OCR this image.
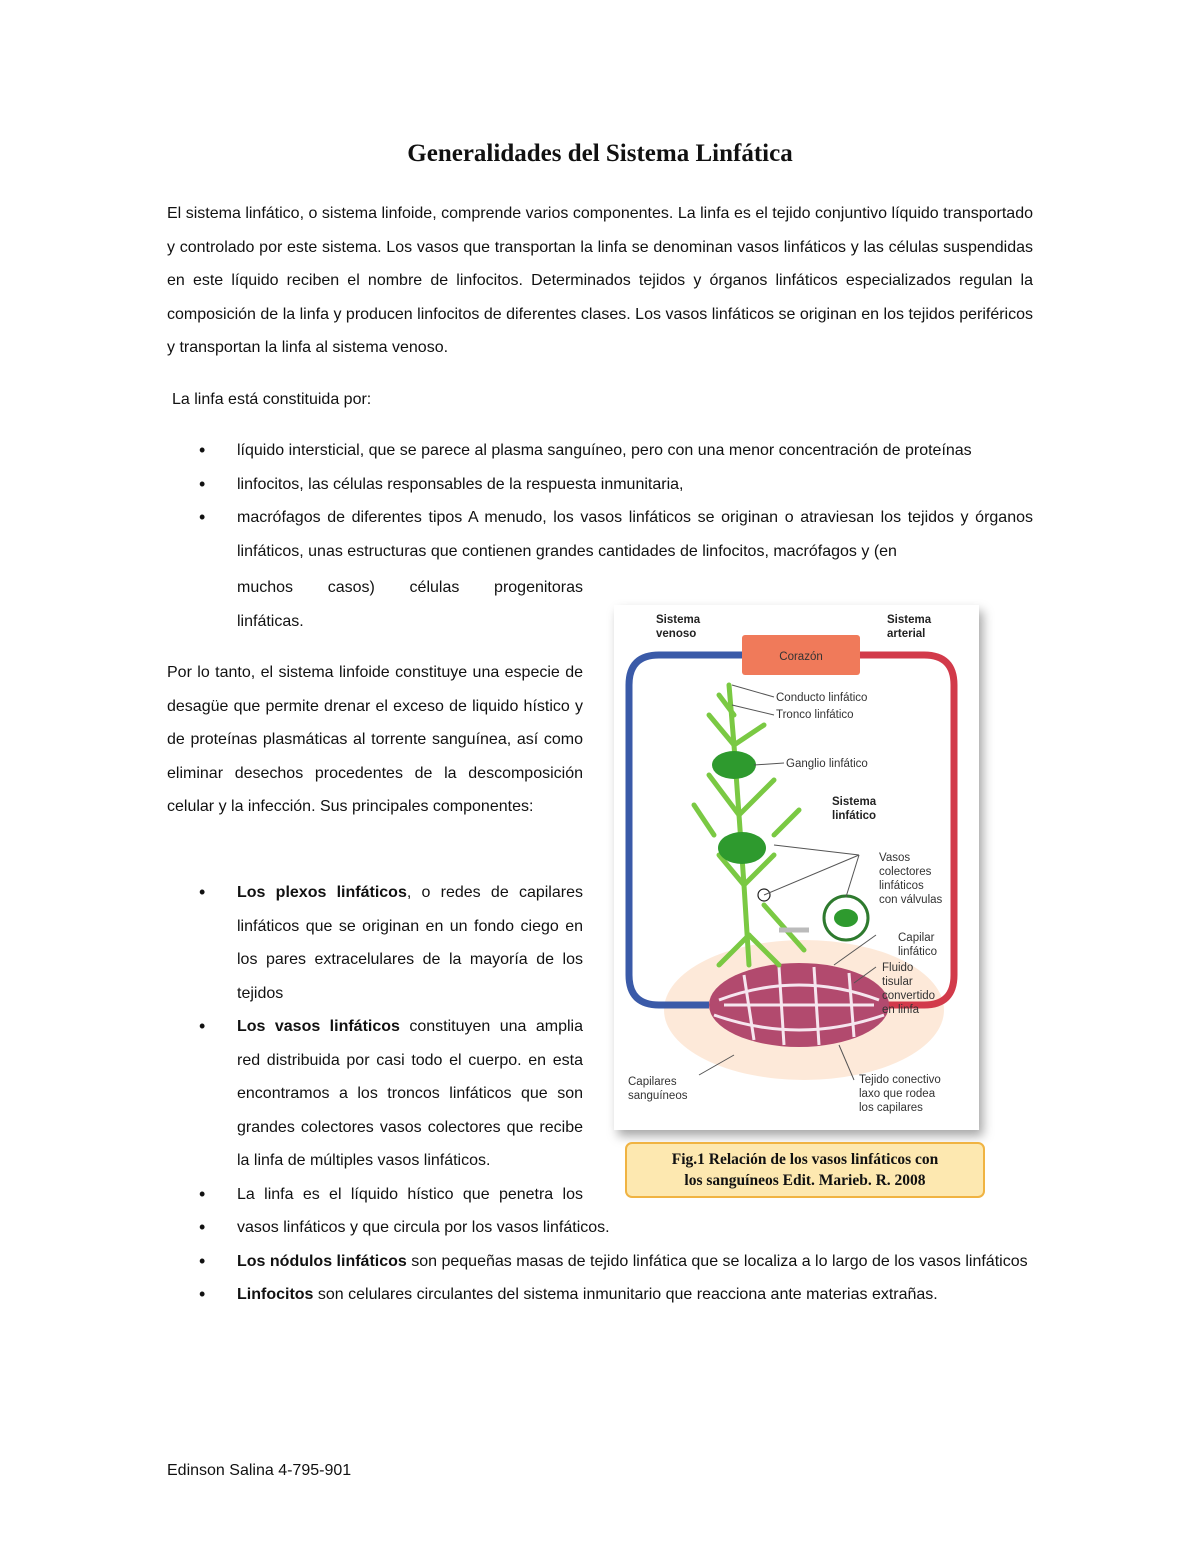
Generalidades del Sistema Linfática

El sistema linfático, o sistema linfoide, comprende varios componentes. La linfa es el tejido conjuntivo líquido transportado y controlado por este sistema. Los vasos que transportan la linfa se denominan vasos linfáticos y las células suspendidas en este líquido reciben el nombre de linfocitos. Determinados tejidos y órganos linfáticos especializados regulan la composición de la linfa y producen linfocitos de diferentes clases. Los vasos linfáticos se originan en los tejidos periféricos y transportan la linfa al sistema venoso.

La linfa está constituida por:

• líquido intersticial, que se parece al plasma sanguíneo, pero con una menor concentración de proteínas
• linfocitos, las células responsables de la respuesta inmunitaria,
• macrófagos de diferentes tipos A menudo, los vasos linfáticos se originan o atraviesan los tejidos y órganos linfáticos, unas estructuras que contienen grandes cantidades de linfocitos, macrófagos y (en
muchos casos) células progenitoras
linfáticas.

Por lo tanto, el sistema linfoide constituye una especie de desagüe que permite drenar el exceso de liquido hístico y de proteínas plasmáticas al torrente sanguínea, así como eliminar desechos procedentes de la descomposición celular y la infección. Sus principales componentes:

• Los plexos linfáticos, o redes de capilares linfáticos que se originan en un fondo ciego en los pares extracelulares de la mayoría de los tejidos
• Los vasos linfáticos constituyen una amplia red distribuida por casi todo el cuerpo. en esta encontramos a los troncos linfáticos que son grandes colectores vasos colectores que recibe la linfa de múltiples vasos linfáticos.
• La linfa es el líquido hístico que penetra los
• vasos linfáticos y que circula por los vasos linfáticos.
• Los nódulos linfáticos son pequeñas masas de tejido linfática que se localiza a lo largo de los vasos linfáticos
• Linfocitos son celulares circulantes del sistema inmunitario que reacciona ante materias extrañas.
Corazón
Sistema
venoso
Sistema
arterial
Conducto linfático
Tronco linfático
Ganglio linfático
Sistema
linfático
Vasos
colectores
linfáticos
con válvulas
Capilar
linfático
Fluido
tisular
convertido
en linfa
Capilares
sanguíneos
Tejido conectivo
laxo que rodea
los capilares
Fig.1 Relación de los vasos linfáticos con
los sanguíneos Edit. Marieb. R. 2008

Edinson Salina 4-795-901
